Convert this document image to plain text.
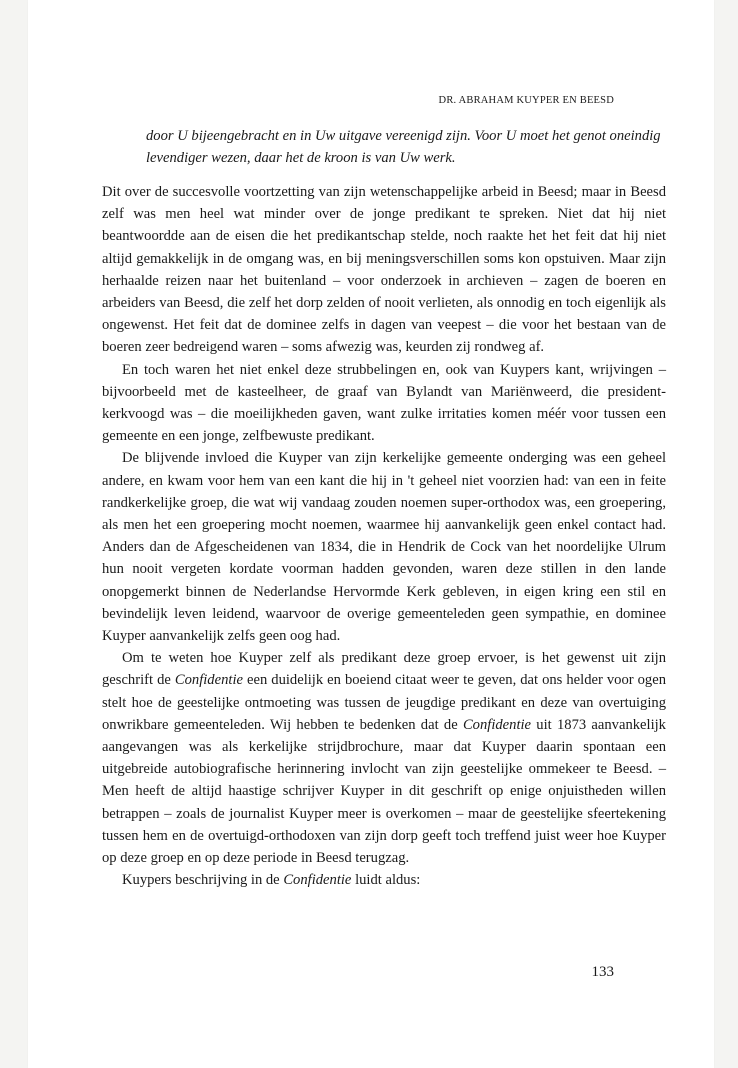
DR. ABRAHAM KUYPER EN BEESD
door U bijeengebracht en in Uw uitgave vereenigd zijn. Voor U moet het genot oneindig levendiger wezen, daar het de kroon is van Uw werk.

Dit over de succesvolle voortzetting van zijn wetenschappelijke arbeid in Beesd; maar in Beesd zelf was men heel wat minder over de jonge predikant te spreken. Niet dat hij niet beantwoordde aan de eisen die het predikantschap stelde, noch raakte het het feit dat hij niet altijd gemakkelijk in de omgang was, en bij meningsverschillen soms kon opstuiven. Maar zijn herhaalde reizen naar het buitenland – voor onderzoek in archieven – zagen de boeren en arbeiders van Beesd, die zelf het dorp zelden of nooit verlieten, als onnodig en toch eigenlijk als ongewenst. Het feit dat de dominee zelfs in dagen van veepest – die voor het bestaan van de boeren zeer bedreigend waren – soms afwezig was, keurden zij rondweg af.

En toch waren het niet enkel deze strubbelingen en, ook van Kuypers kant, wrijvingen – bijvoorbeeld met de kasteelheer, de graaf van Bylandt van Mariënweerd, die president-kerkvoogd was – die moeilijkheden gaven, want zulke irritaties komen méér voor tussen een gemeente en een jonge, zelfbewuste predikant.

De blijvende invloed die Kuyper van zijn kerkelijke gemeente onderging was een geheel andere, en kwam voor hem van een kant die hij in 't geheel niet voorzien had: van een in feite randkerkelijke groep, die wat wij vandaag zouden noemen super-orthodox was, een groepering, als men het een groepering mocht noemen, waarmee hij aanvankelijk geen enkel contact had. Anders dan de Afgescheidenen van 1834, die in Hendrik de Cock van het noordelijke Ulrum hun nooit vergeten kordate voorman hadden gevonden, waren deze stillen in den lande onopgemerkt binnen de Nederlandse Hervormde Kerk gebleven, in eigen kring een stil en bevindelijk leven leidend, waarvoor de overige gemeenteleden geen sympathie, en dominee Kuyper aanvankelijk zelfs geen oog had.

Om te weten hoe Kuyper zelf als predikant deze groep ervoer, is het gewenst uit zijn geschrift de Confidentie een duidelijk en boeiend citaat weer te geven, dat ons helder voor ogen stelt hoe de geestelijke ontmoeting was tussen de jeugdige predikant en deze van overtuiging onwrikbare gemeenteleden. Wij hebben te bedenken dat de Confidentie uit 1873 aanvankelijk aangevangen was als kerkelijke strijdbrochure, maar dat Kuyper daarin spontaan een uitgebreide autobiografische herinnering invlocht van zijn geestelijke ommekeer te Beesd. – Men heeft de altijd haastige schrijver Kuyper in dit geschrift op enige onjuistheden willen betrappen – zoals de journalist Kuyper meer is overkomen – maar de geestelijke sfeertekening tussen hem en de overtuigd-orthodoxen van zijn dorp geeft toch treffend juist weer hoe Kuyper op deze groep en op deze periode in Beesd terugzag.

Kuypers beschrijving in de Confidentie luidt aldus:

133
